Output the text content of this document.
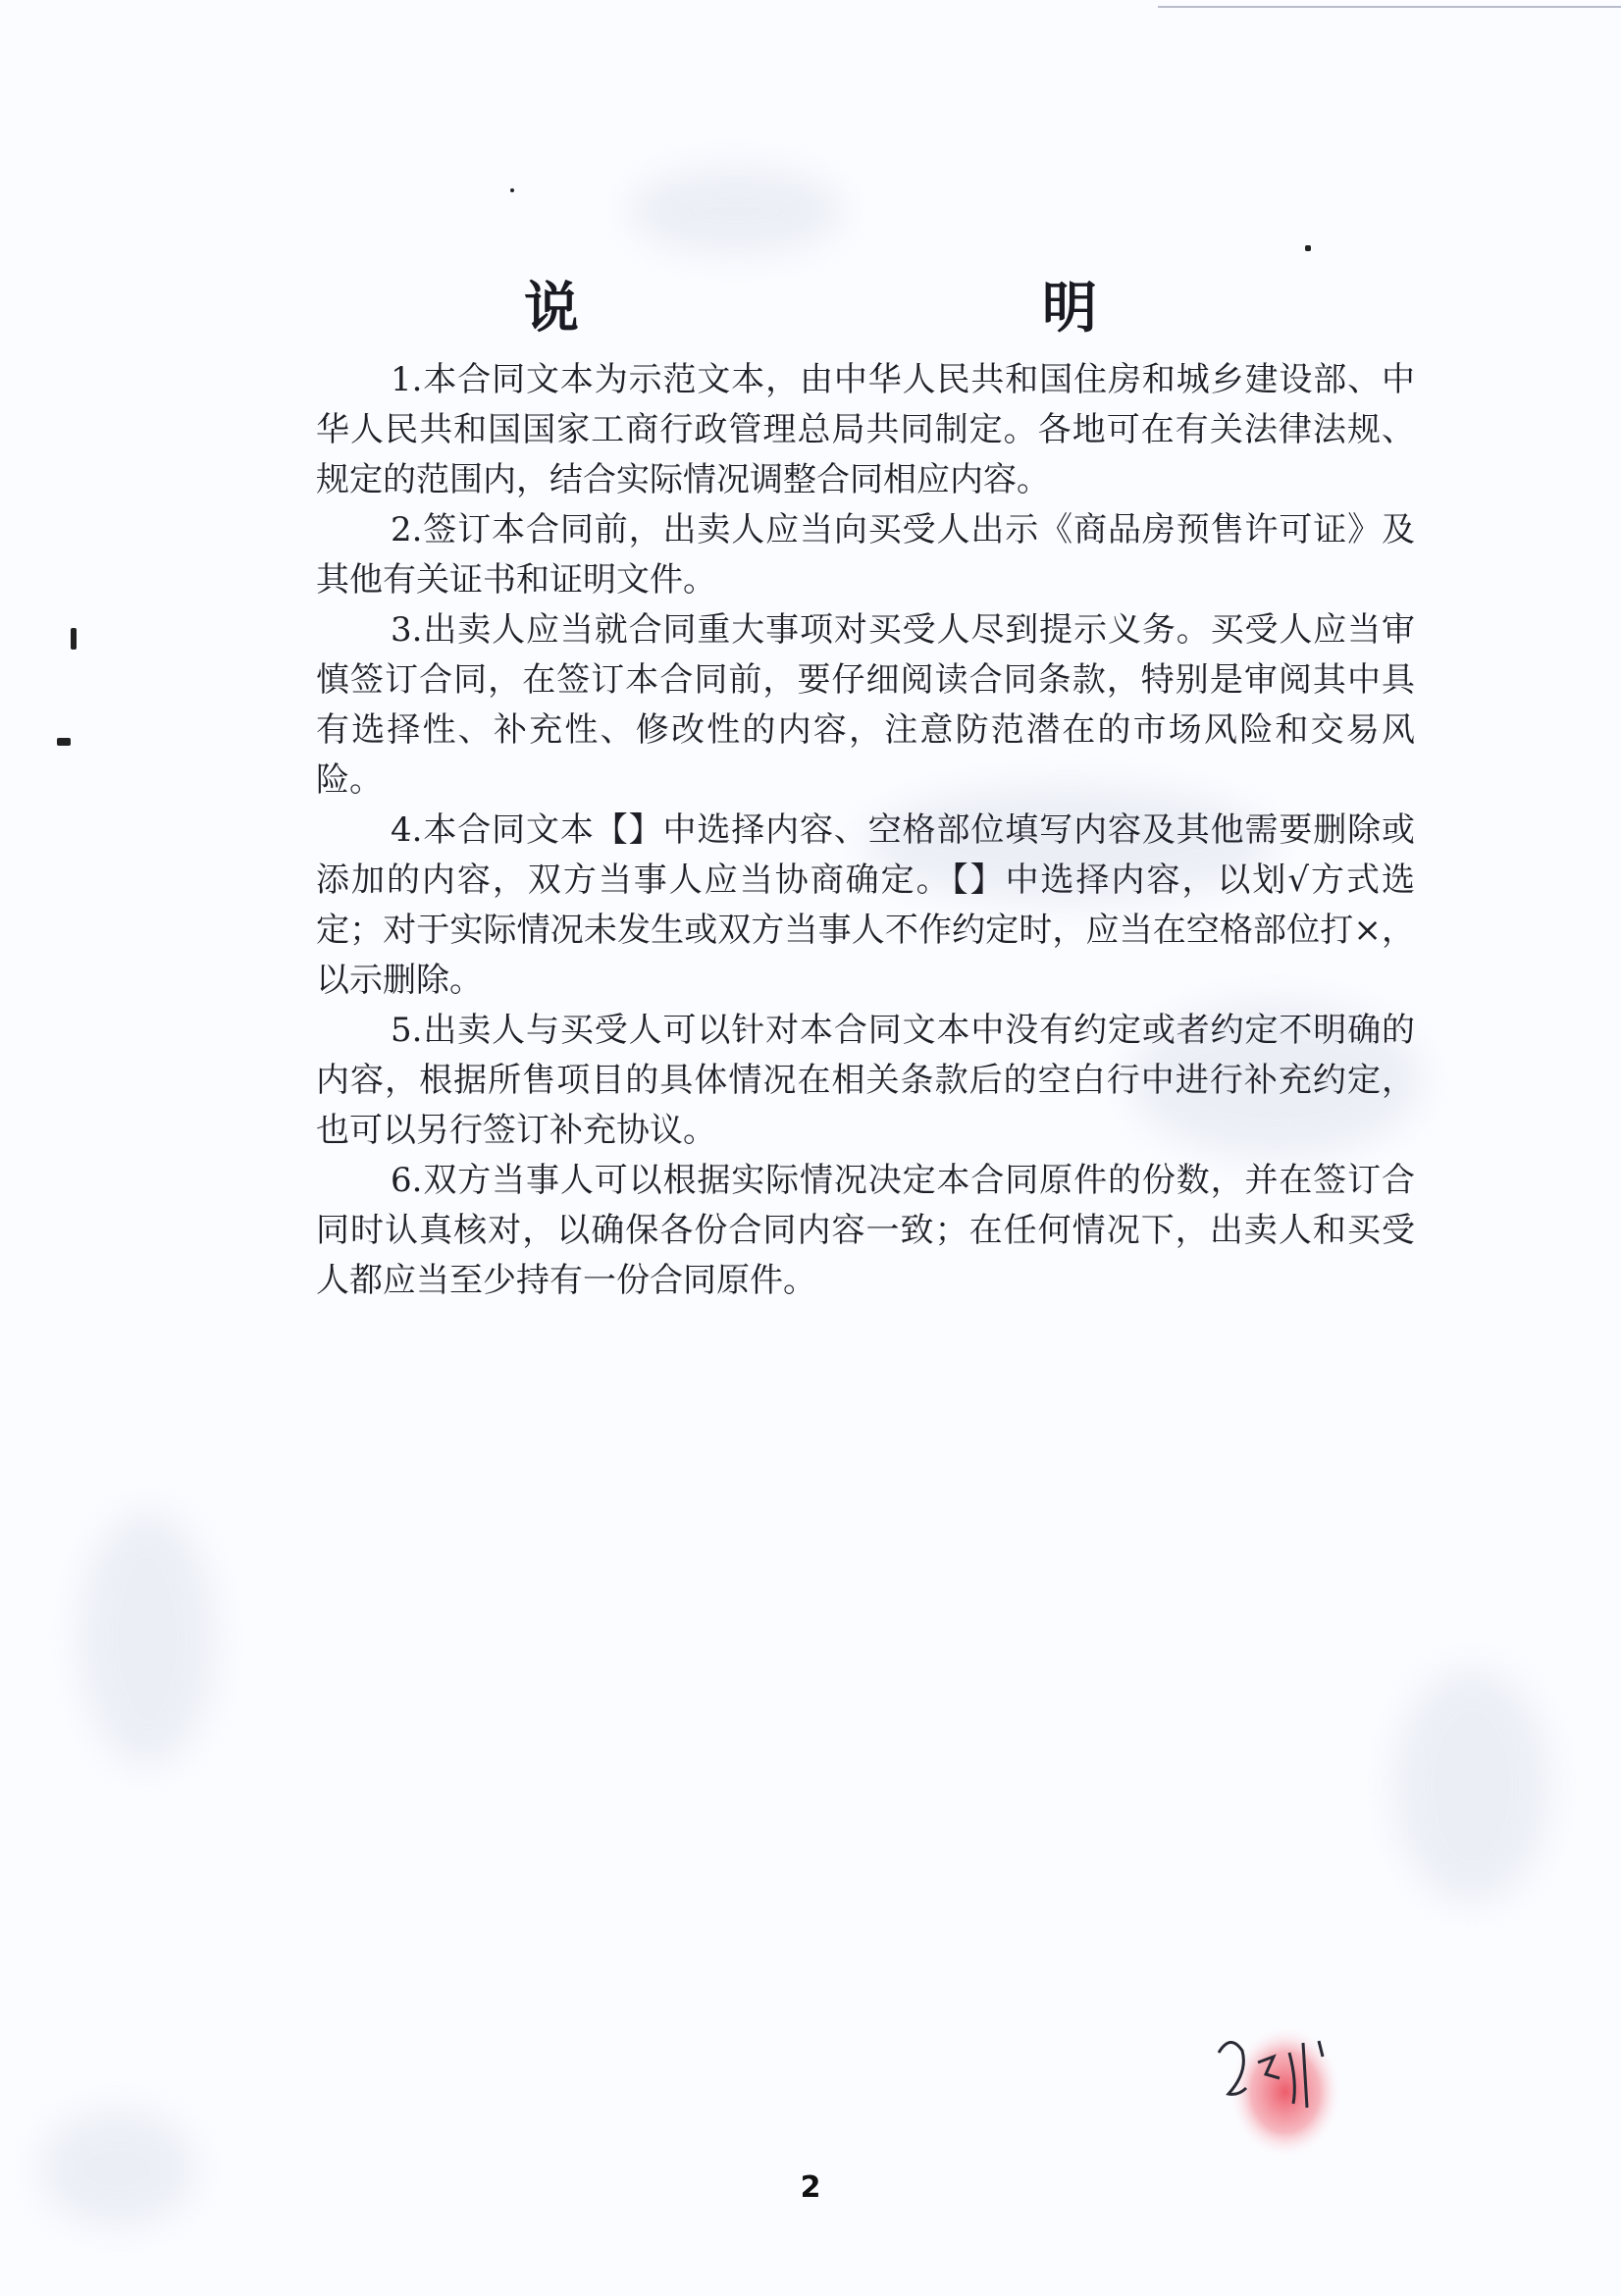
说　　明

1.本合同文本为示范文本，由中华人民共和国住房和城乡建设部、中华人民共和国国家工商行政管理总局共同制定。各地可在有关法律法规、规定的范围内，结合实际情况调整合同相应内容。

2.签订本合同前，出卖人应当向买受人出示《商品房预售许可证》及其他有关证书和证明文件。

3.出卖人应当就合同重大事项对买受人尽到提示义务。买受人应当审慎签订合同，在签订本合同前，要仔细阅读合同条款，特别是审阅其中具有选择性、补充性、修改性的内容，注意防范潜在的市场风险和交易风险。

4.本合同文本【】中选择内容、空格部位填写内容及其他需要删除或添加的内容，双方当事人应当协商确定。【】中选择内容，以划√方式选定；对于实际情况未发生或双方当事人不作约定时，应当在空格部位打×，以示删除。

5.出卖人与买受人可以针对本合同文本中没有约定或者约定不明确的内容，根据所售项目的具体情况在相关条款后的空白行中进行补充约定，也可以另行签订补充协议。

6.双方当事人可以根据实际情况决定本合同原件的份数，并在签订合同时认真核对，以确保各份合同内容一致；在任何情况下，出卖人和买受人都应当至少持有一份合同原件。

2
